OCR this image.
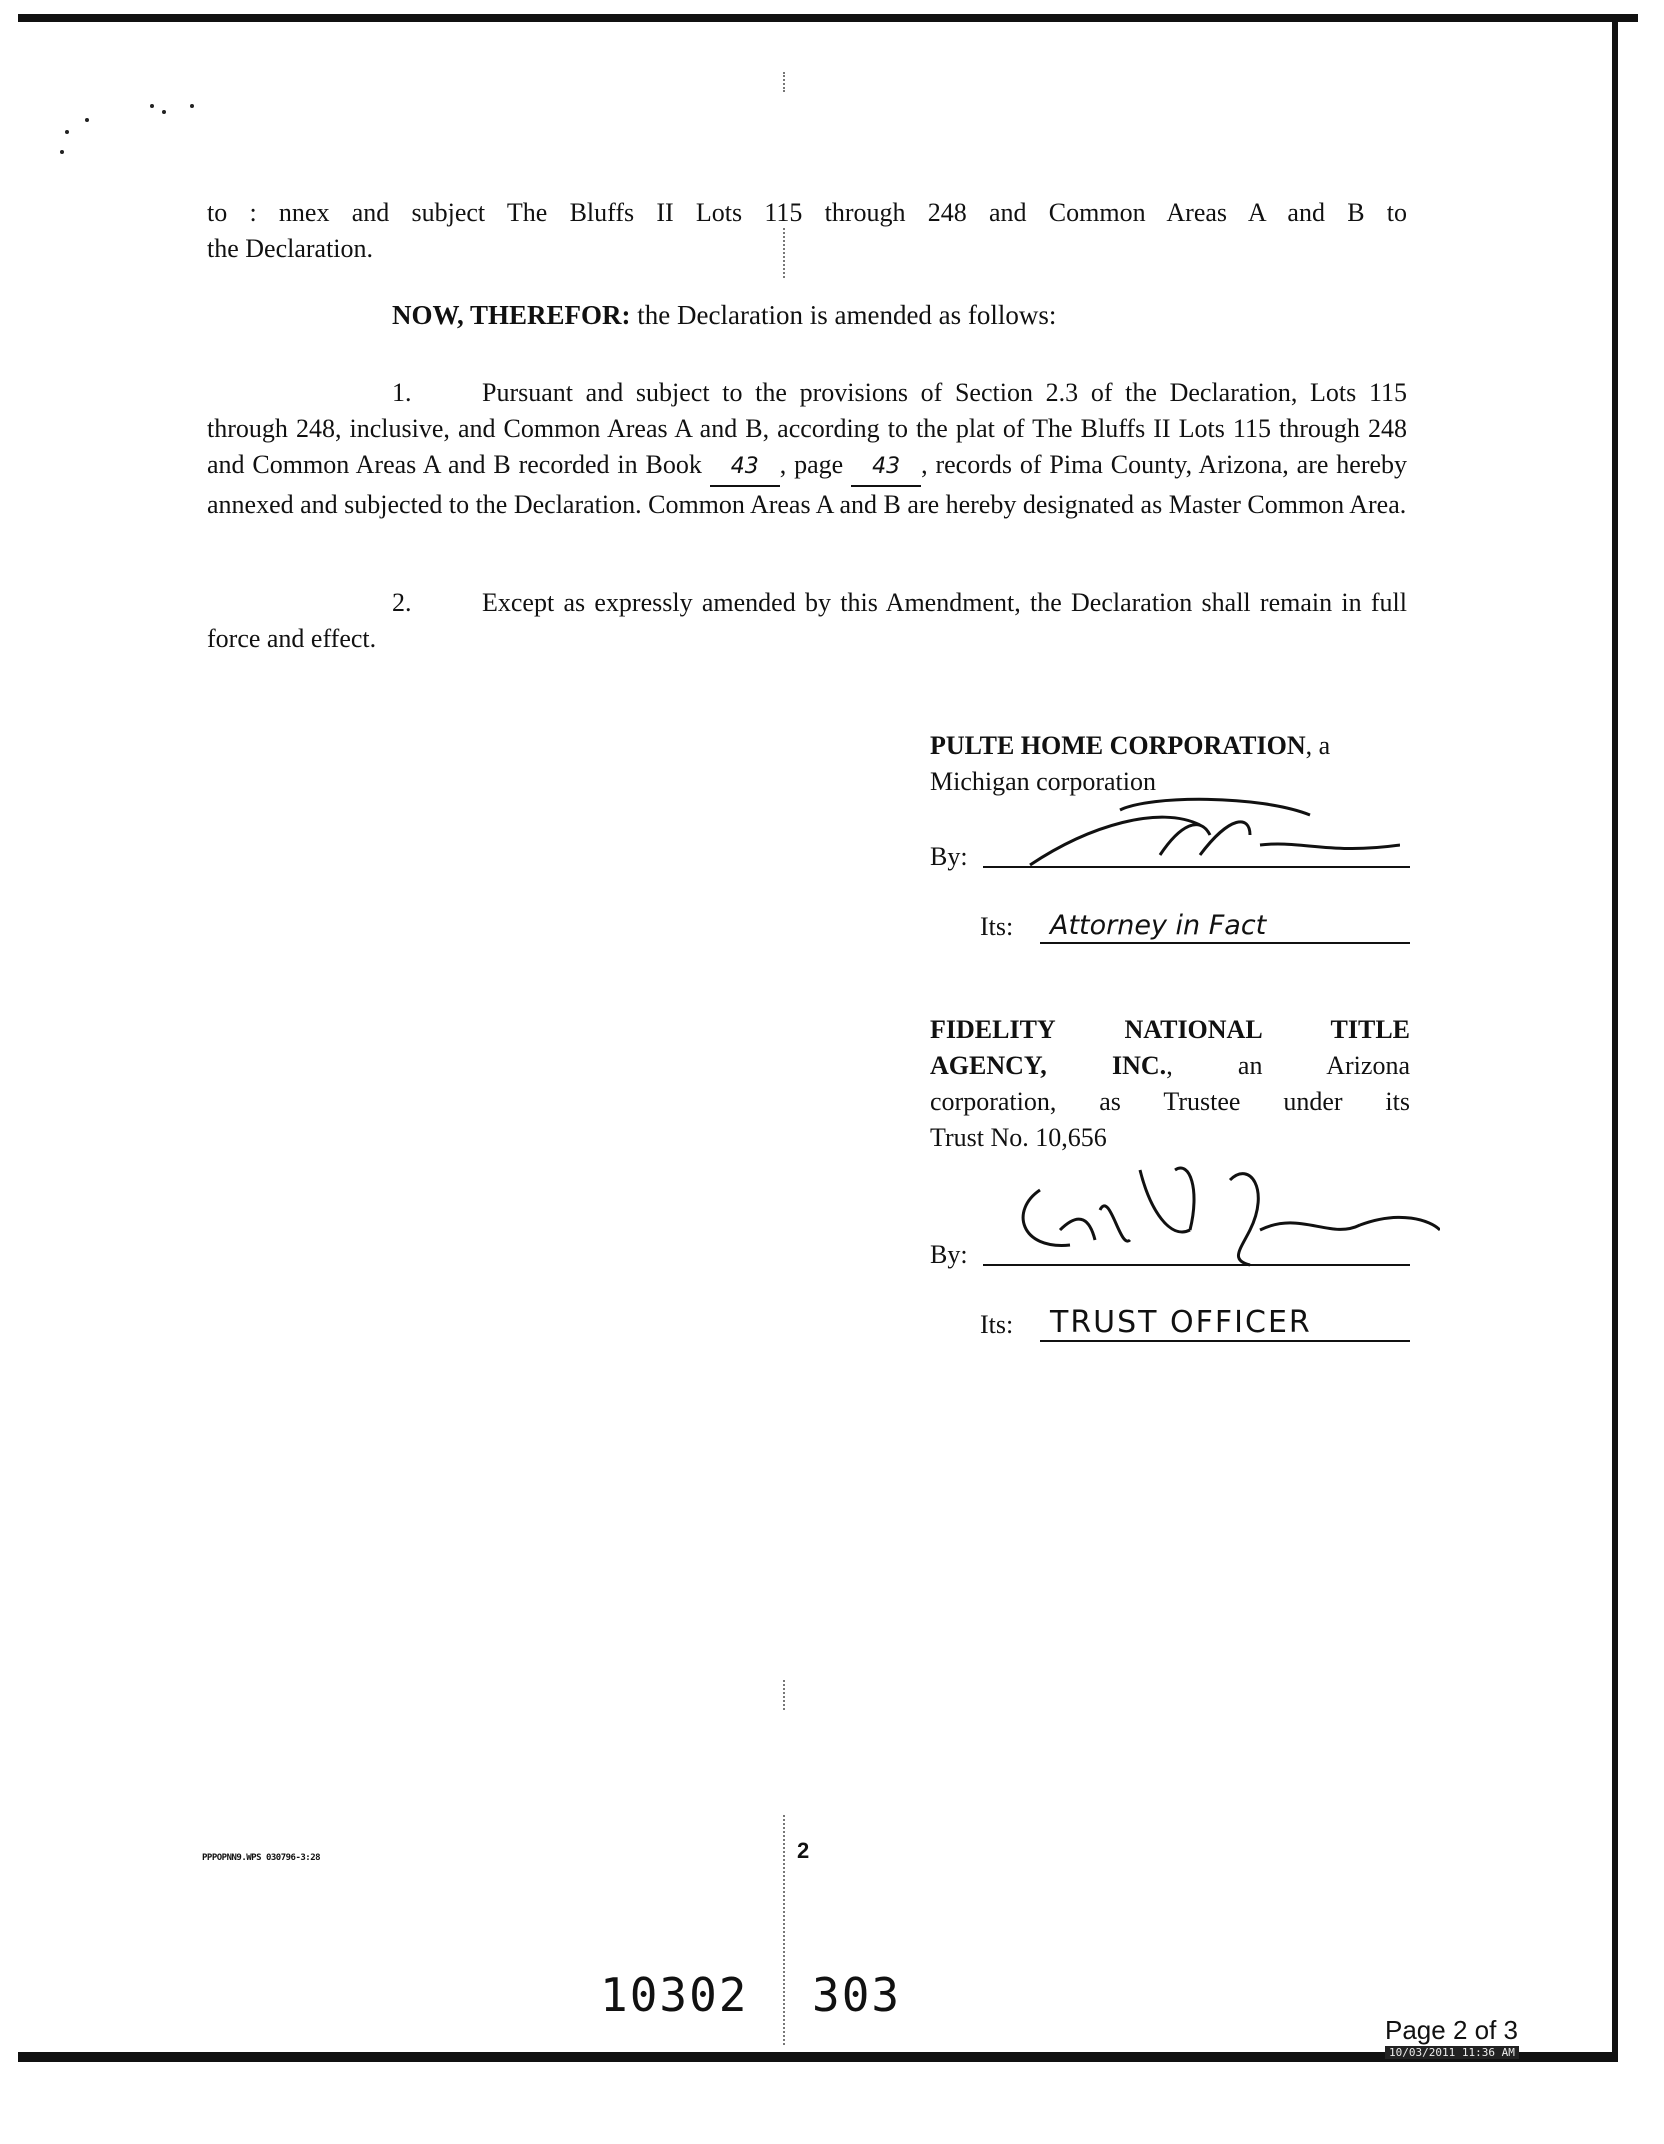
to : nnex and subject The Bluffs II Lots 115 through 248 and Common Areas A and B to
the Declaration.
NOW, THEREFOR: the Declaration is amended as follows:
1.	Pursuant and subject to the provisions of Section 2.3 of the Declaration, Lots 115 through 248, inclusive, and Common Areas A and B, according to the plat of The Bluffs II Lots 115 through 248 and Common Areas A and B recorded in Book 43 , page 43 , records of Pima County, Arizona, are hereby annexed and subjected to the Declaration. Common Areas A and B are hereby designated as Master Common Area.
2.	Except as expressly amended by this Amendment, the Declaration shall remain in full force and effect.
PULTE HOME CORPORATION, a
Michigan corporation
By:
Its: Attorney in Fact
FIDELITY NATIONAL TITLE
AGENCY, INC., an Arizona
corporation, as Trustee under its
Trust No. 10,656
By:
Its: TRUST OFFICER
PPPOPNN9.WPS 030796-3:28	2
10302 303
Page 2 of 3
10/03/2011 11:36 AM
